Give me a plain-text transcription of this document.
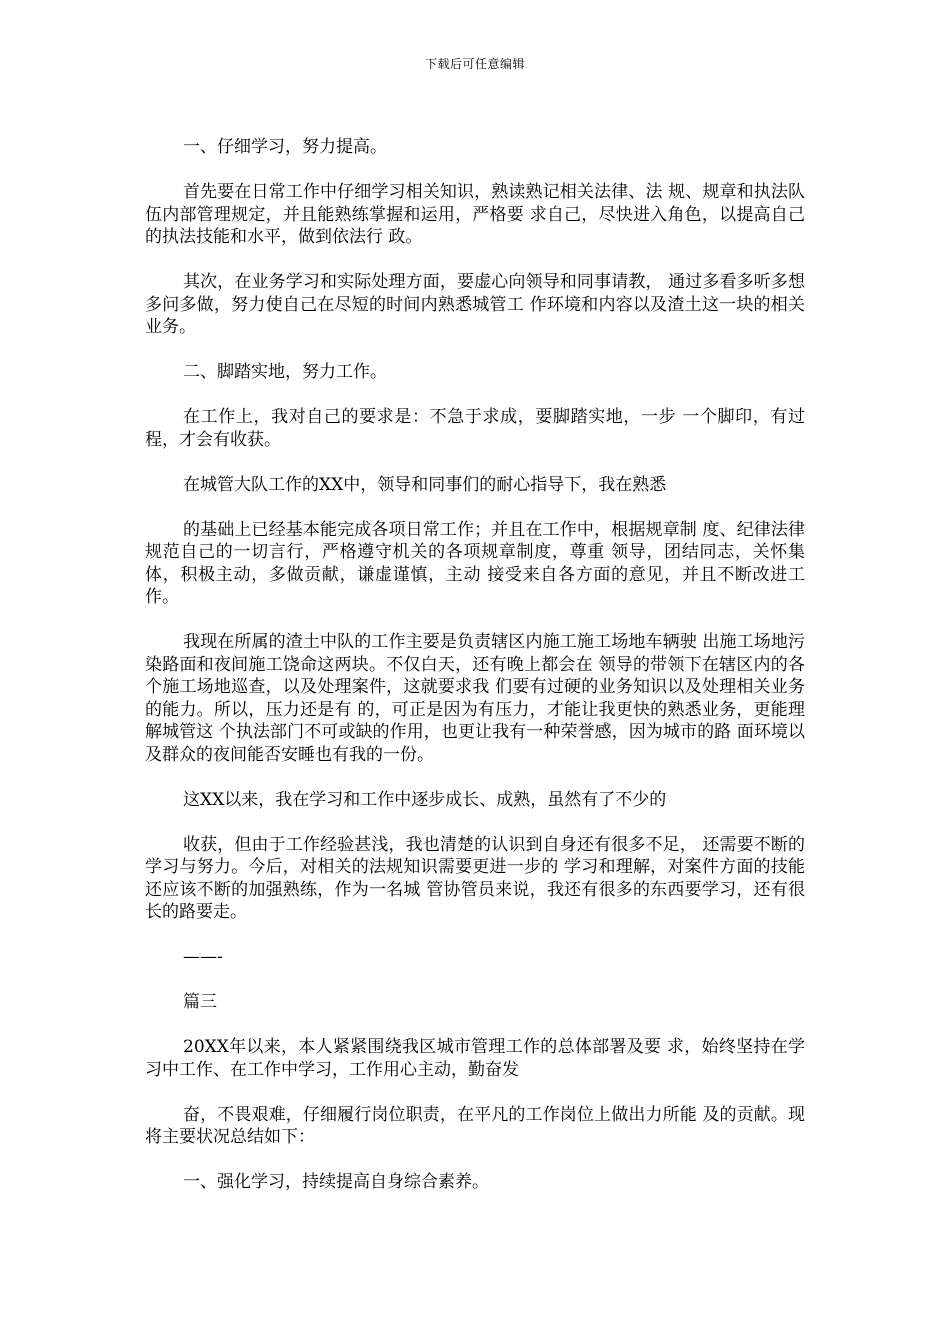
下载后可任意编辑

一、仔细学习，努力提高。

首先要在日常工作中仔细学习相关知识，熟读熟记相关法律、法 规、规章和执法队伍内部管理规定，并且能熟练掌握和运用，严格要 求自己，尽快进入角色，以提高自己的执法技能和水平，做到依法行 政。

其次，在业务学习和实际处理方面，要虚心向领导和同事请教， 通过多看多听多想多问多做，努力使自己在尽短的时间内熟悉城管工 作环境和内容以及渣土这一块的相关业务。

二、脚踏实地，努力工作。

在工作上，我对自己的要求是：不急于求成，要脚踏实地，一步 一个脚印，有过程，才会有收获。

在城管大队工作的XX中，领导和同事们的耐心指导下，我在熟悉

的基础上已经基本能完成各项日常工作；并且在工作中，根据规章制 度、纪律法律规范自己的一切言行，严格遵守机关的各项规章制度，尊重 领导，团结同志，关怀集体，积极主动，多做贡献，谦虚谨慎，主动 接受来自各方面的意见，并且不断改进工作。

我现在所属的渣土中队的工作主要是负责辖区内施工施工场地车辆驶 出施工场地污染路面和夜间施工饶命这两块。不仅白天，还有晚上都会在 领导的带领下在辖区内的各个施工场地巡查，以及处理案件，这就要求我 们要有过硬的业务知识以及处理相关业务的能力。所以，压力还是有 的，可正是因为有压力，才能让我更快的熟悉业务，更能理解城管这 个执法部门不可或缺的作用，也更让我有一种荣誉感，因为城市的路 面环境以及群众的夜间能否安睡也有我的一份。

这XX以来，我在学习和工作中逐步成长、成熟，虽然有了不少的

收获，但由于工作经验甚浅，我也清楚的认识到自身还有很多不足， 还需要不断的学习与努力。今后，对相关的法规知识需要更进一步的 学习和理解，对案件方面的技能还应该不断的加强熟练，作为一名城 管协管员来说，我还有很多的东西要学习，还有很长的路要走。

——-

篇三

20XX年以来，本人紧紧围绕我区城市管理工作的总体部署及要 求，始终坚持在学习中工作、在工作中学习，工作用心主动，勤奋发

奋，不畏艰难，仔细履行岗位职责，在平凡的工作岗位上做出力所能 及的贡献。现将主要状况总结如下：

一、强化学习，持续提高自身综合素养。
